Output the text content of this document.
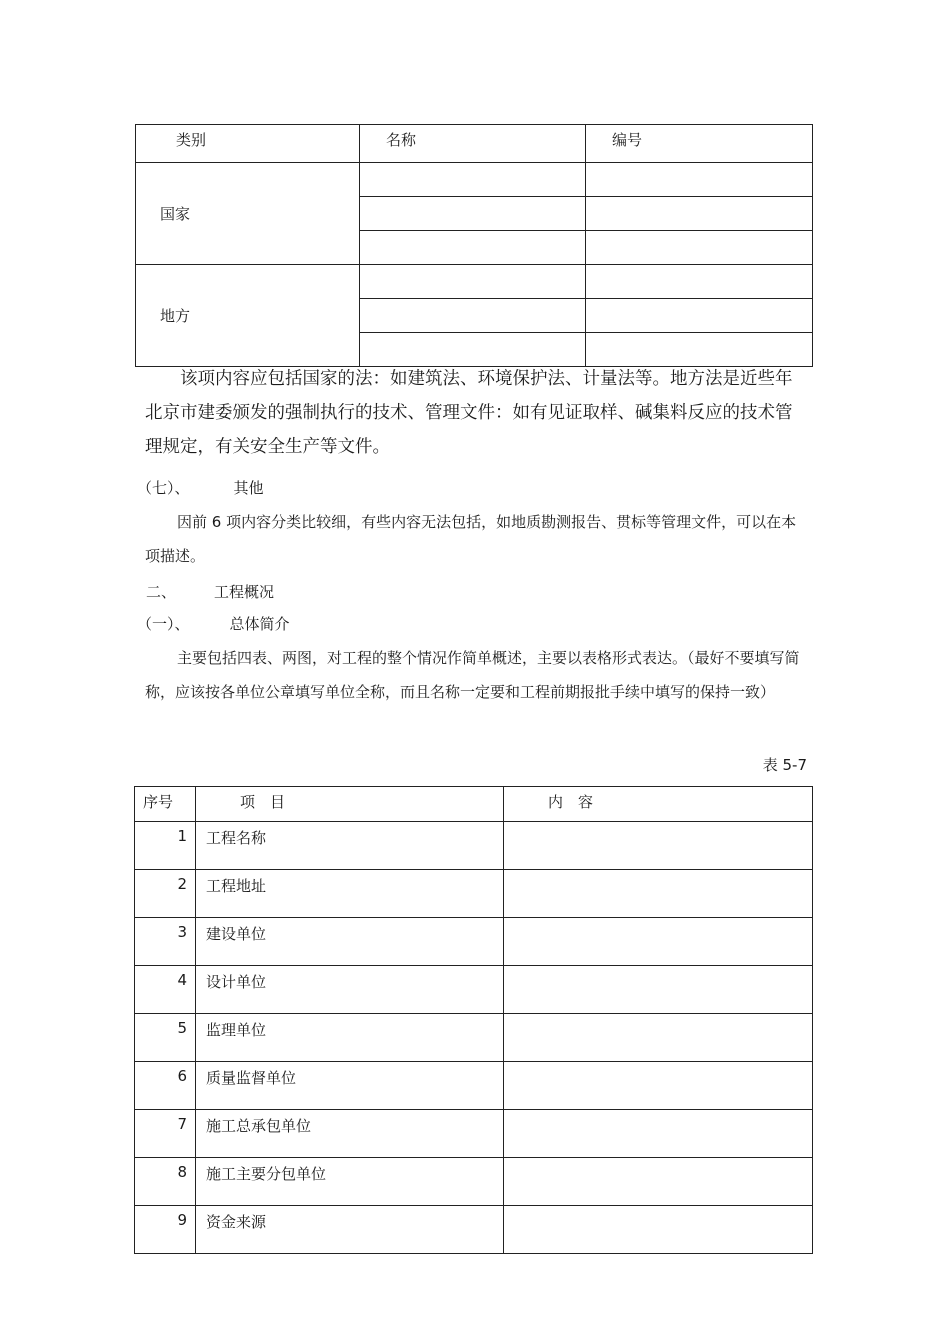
类别	名称	编号
国家		

地方		

该项内容应包括国家的法：如建筑法、环境保护法、计量法等。地方法是近些年北京市建委颁发的强制执行的技术、管理文件：如有见证取样、碱集料反应的技术管理规定，有关安全生产等文件。
（七）、	其他
因前 6 项内容分类比较细，有些内容无法包括，如地质勘测报告、贯标等管理文件，可以在本项描述。
二、	工程概况
（一）、	总体简介
主要包括四表、两图，对工程的整个情况作简单概述，主要以表格形式表达。（最好不要填写简称，应该按各单位公章填写单位全称，而且名称一定要和工程前期报批手续中填写的保持一致）
表 5-7
序号	项　目	内　容
1	工程名称	
2	工程地址	
3	建设单位	
4	设计单位	
5	监理单位	
6	质量监督单位	
7	施工总承包单位	
8	施工主要分包单位	
9	资金来源	
